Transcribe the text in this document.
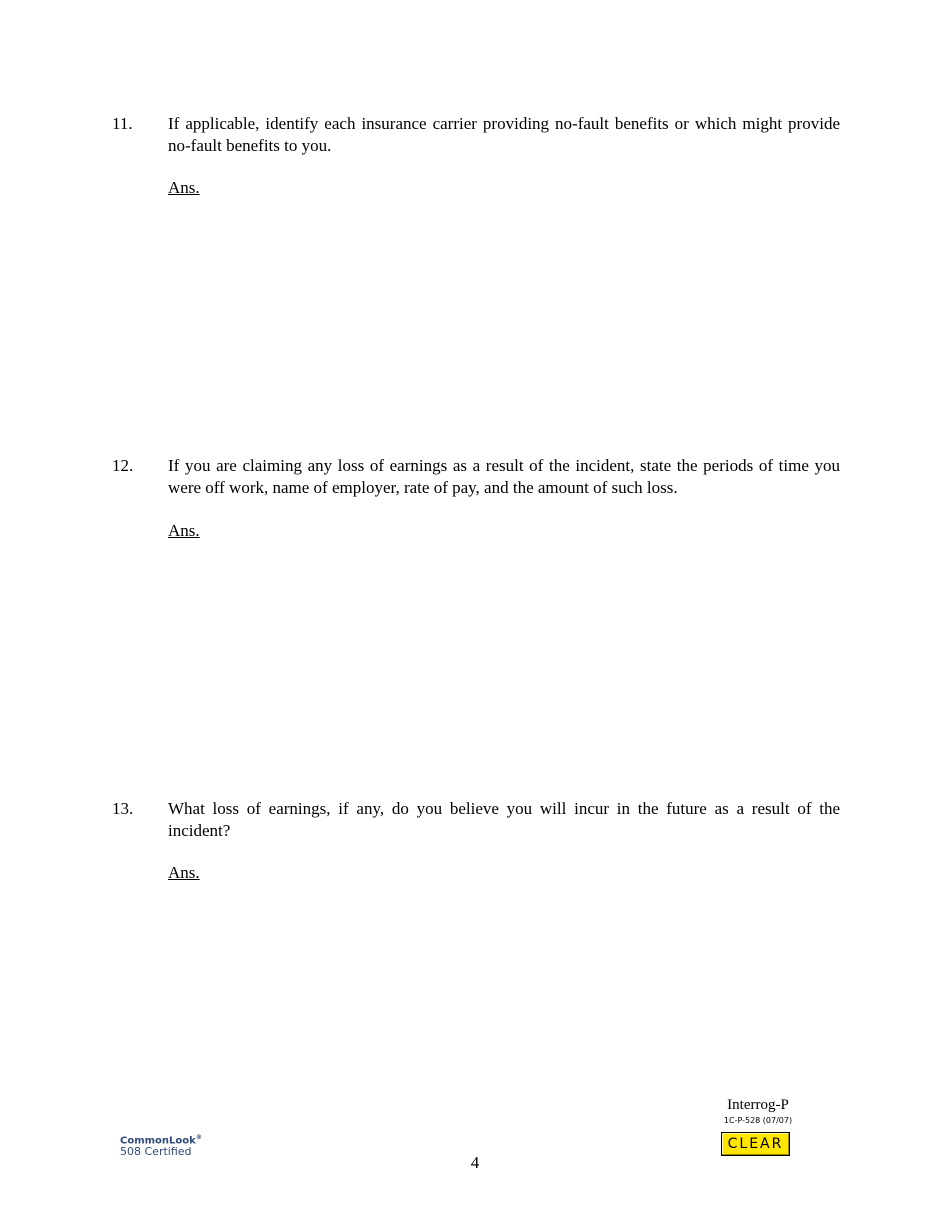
11. If applicable, identify each insurance carrier providing no-fault benefits or which might provide no-fault benefits to you.
Ans.
12. If you are claiming any loss of earnings as a result of the incident, state the periods of time you were off work, name of employer, rate of pay, and the amount of such loss.
Ans.
13. What loss of earnings, if any, do you believe you will incur in the future as a result of the incident?
Ans.
CommonLook®
508 Certified
4
Interrog-P
1C-P-528 (07/07)
CLEAR
